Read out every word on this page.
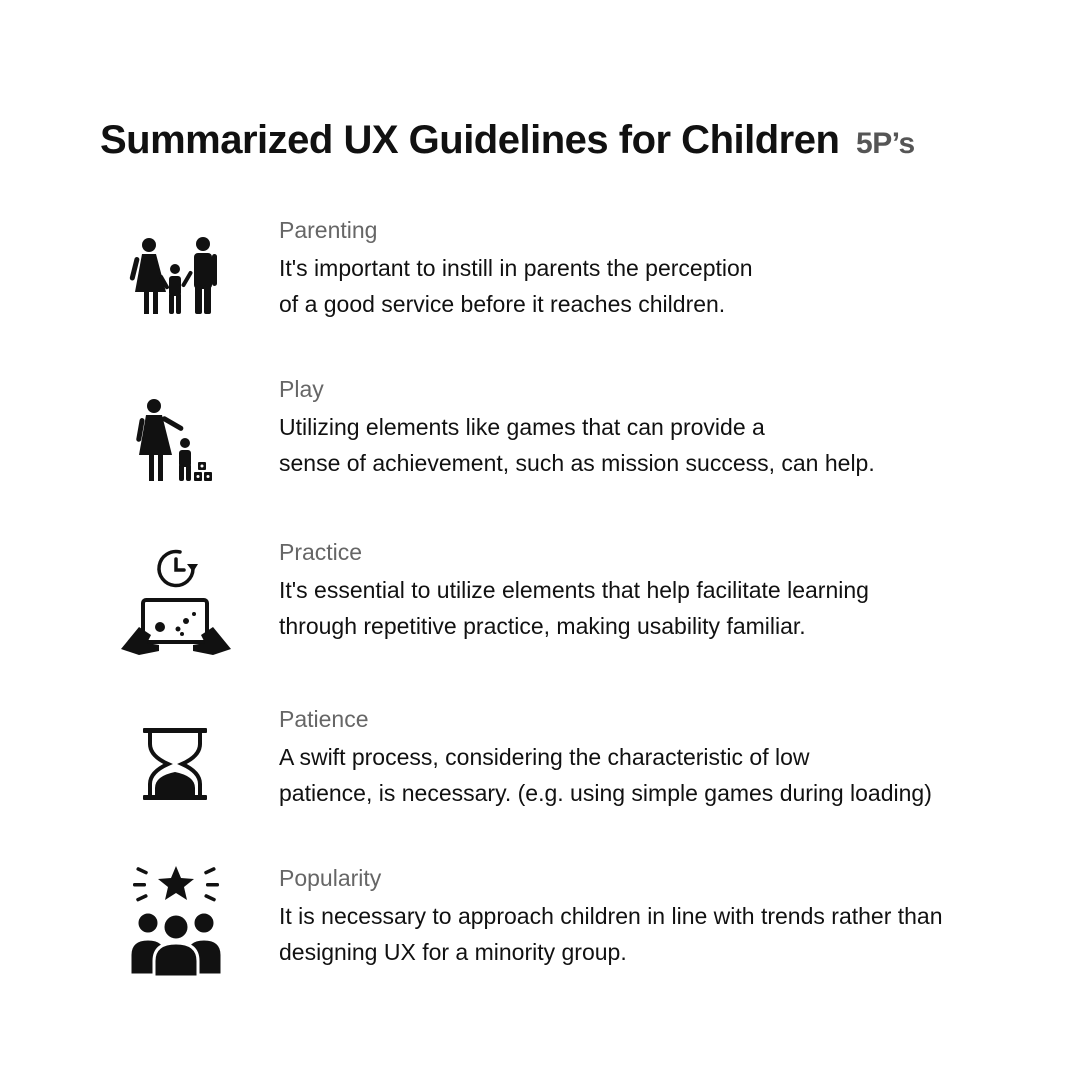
Summarized UX Guidelines for Children 5P’s

Parenting

It's important to instill in parents the perception
of a good service before it reaches children.

Play

Utilizing elements like games that can provide a
sense of achievement, such as mission success, can help.

Practice

It's essential to utilize elements that help facilitate learning
through repetitive practice, making usability familiar.

Patience

A swift process, considering the characteristic of low
patience, is necessary. (e.g. using simple games during loading)

Popularity

It is necessary to approach children in line with trends rather than
designing UX for a minority group.
